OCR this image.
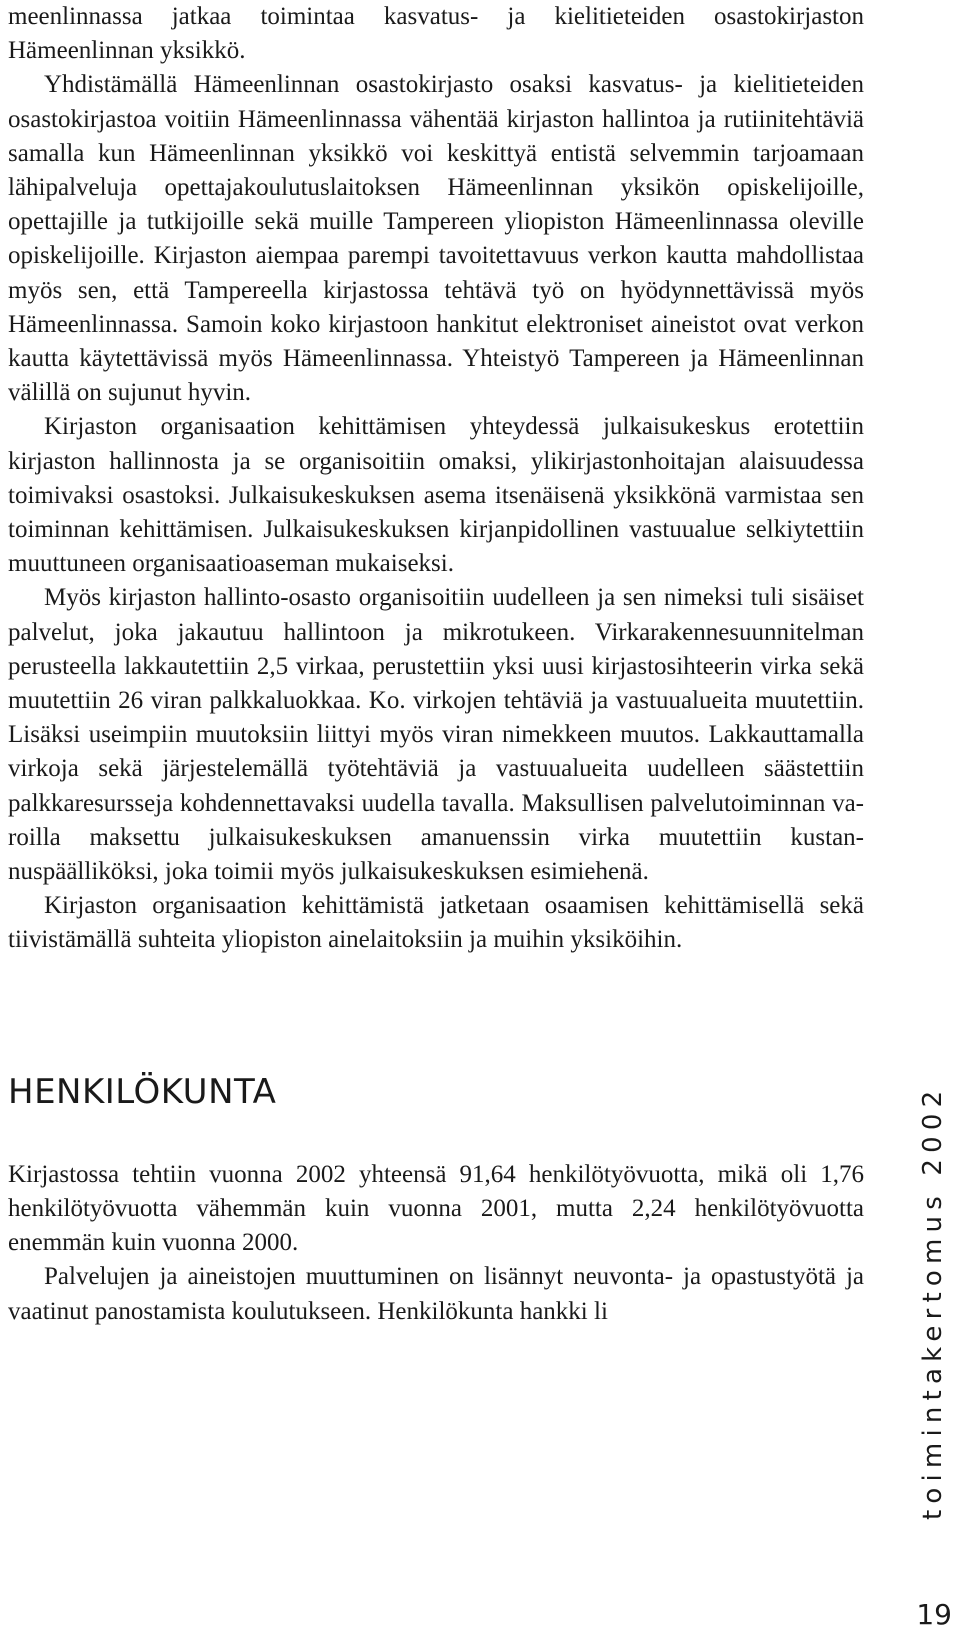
meenlinnassa jatkaa toimintaa kasvatus- ja kielitieteiden osastokirjaston Hämeenlinnan yksikkö.

Yhdistämällä Hämeenlinnan osastokirjasto osaksi kasvatus- ja kielitieteiden osastokirjastoa voitiin Hämeenlinnassa vähentää kirjaston hallintoa ja rutiinitehtäviä samalla kun Hämeenlinnan yksikkö voi keskittyä entistä selvemmin tarjoamaan lähipalveluja opettajakoulutuslaitoksen Hämeenlinnan yksikön opiskelijoille, opettajille ja tutkijoille sekä muille Tampereen yliopiston Hämeenlinnassa oleville opiskelijoille. Kirjaston aiempaa parempi tavoitettavuus verkon kautta mahdollistaa myös sen, että Tampereella kirjastossa tehtävä työ on hyödynnettävissä myös Hämeenlinnassa. Samoin koko kirjastoon hankitut elektroniset aineistot ovat verkon kautta käytettävissä myös Hämeenlinnassa. Yhteistyö Tampereen ja Hämeenlinnan välillä on sujunut hyvin.

Kirjaston organisaation kehittämisen yhteydessä julkaisukeskus erotettiin kirjaston hallinnosta ja se organisoitiin omaksi, ylikirjastonhoitajan alaisuudessa toimivaksi osastoksi. Julkaisukeskuksen asema itsenäisenä yksikkönä varmistaa sen toiminnan kehittämisen. Julkaisukeskuksen kirjanpidollinen vastuualue selkiytettiin muuttuneen organisaatioaseman mukaiseksi.

Myös kirjaston hallinto-osasto organisoitiin uudelleen ja sen nimeksi tuli sisäiset palvelut, joka jakautuu hallintoon ja mikrotukeen. Virkarakennesuunnitelman perusteella lakkautettiin 2,5 virkaa, perustettiin yksi uusi kirjastosihteerin virka sekä muutettiin 26 viran palkkaluokkaa. Ko. virkojen tehtäviä ja vastuualueita muutettiin. Lisäksi useimpiin muutoksiin liittyi myös viran nimekkeen muutos. Lakkauttamalla virkoja sekä järjestelemällä työtehtäviä ja vastuualueita uudelleen säästettiin palkkaresursseja kohdennettavaksi uudella tavalla. Maksullisen palvelutoiminnan varoilla maksettu julkaisukeskuksen amanuenssin virka muutettiin kustannuspäälliköksi, joka toimii myös julkaisukeskuksen esimiehenä.

Kirjaston organisaation kehittämistä jatketaan osaamisen kehittämisellä sekä tiivistämällä suhteita yliopiston ainelaitoksiin ja muihin yksiköihin.

HENKILÖKUNTA

Kirjastossa tehtiin vuonna 2002 yhteensä 91,64 henkilötyövuotta, mikä oli 1,76 henkilötyövuotta vähemmän kuin vuonna 2001, mutta 2,24 henkilötyövuotta enemmän kuin vuonna 2000.

Palvelujen ja aineistojen muuttuminen on lisännyt neuvonta- ja opastustyötä ja vaatinut panostamista koulutukseen. Henkilökunta hankki li	toimintakertomus 2002
19
